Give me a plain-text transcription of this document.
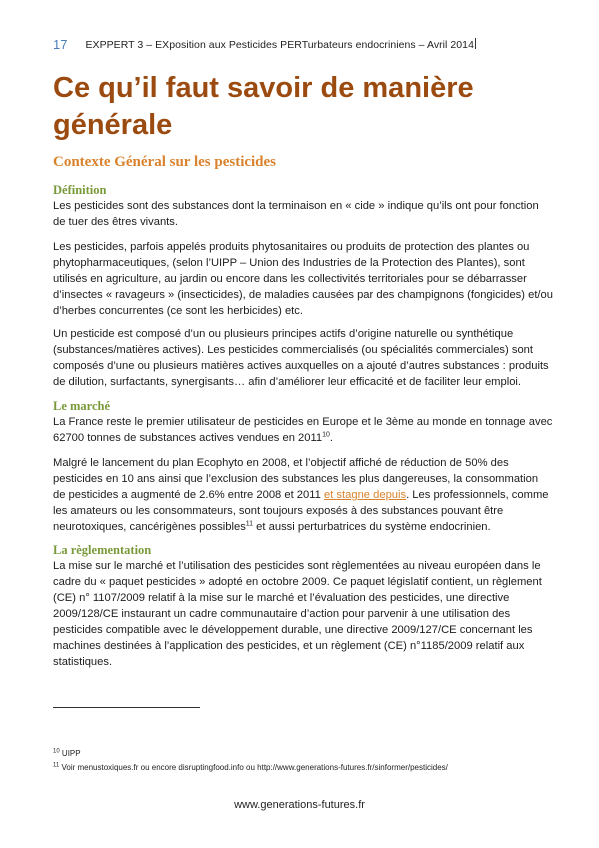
17 EXPPERT 3 – EXposition aux Pesticides PERTurbateurs endocriniens – Avril 2014
Ce qu’il faut savoir de manière générale
Contexte Général sur les pesticides
Définition

Les pesticides sont des substances dont la terminaison en « cide » indique qu’ils ont pour fonction de tuer des êtres vivants.

Les pesticides, parfois appelés produits phytosanitaires ou produits de protection des plantes ou phytopharmaceutiques, (selon l’UIPP – Union des Industries de la Protection des Plantes), sont utilisés en agriculture, au jardin ou encore dans les collectivités territoriales pour se débarrasser d’insectes « ravageurs » (insecticides), de maladies causées par des champignons (fongicides) et/ou d’herbes concurrentes (ce sont les herbicides) etc.

Un pesticide est composé d’un ou plusieurs principes actifs d’origine naturelle ou synthétique (substances/matières actives). Les pesticides commercialisés (ou spécialités commerciales) sont composés d’une ou plusieurs matières actives auxquelles on a ajouté d’autres substances : produits de dilution, surfactants, synergisants… afin d’améliorer leur efficacité et de faciliter leur emploi.

Le marché

La France reste le premier utilisateur de pesticides en Europe et le 3ème au monde en tonnage avec 62700 tonnes de substances actives vendues en 2011$^{10}$.

Malgré le lancement du plan Ecophyto en 2008, et l’objectif affiché de réduction de 50% des pesticides en 10 ans ainsi que l’exclusion des substances les plus dangereuses, la consommation de pesticides a augmenté de 2.6% entre 2008 et 2011 et stagne depuis. Les professionnels, comme les amateurs ou les consommateurs, sont toujours exposés à des substances pouvant être neurotoxiques, cancérigènes possibles$^{11}$ et aussi perturbatrices du système endocrinien.

La règlementation

La mise sur le marché et l’utilisation des pesticides sont règlementées au niveau européen dans le cadre du « paquet pesticides » adopté en octobre 2009. Ce paquet législatif contient, un règlement (CE) n° 1107/2009 relatif à la mise sur le marché et l’évaluation des pesticides, une directive 2009/128/CE instaurant un cadre communautaire d’action pour parvenir à une utilisation des pesticides compatible avec le développement durable, une directive 2009/127/CE concernant les machines destinées à l’application des pesticides, et un règlement (CE) n°1185/2009 relatif aux statistiques.

$^{10}$ UIPP
$^{11}$ Voir menustoxiques.fr ou encore disruptingfood.info ou http://www.generations-futures.fr/sinformer/pesticides/
www.generations-futures.fr
